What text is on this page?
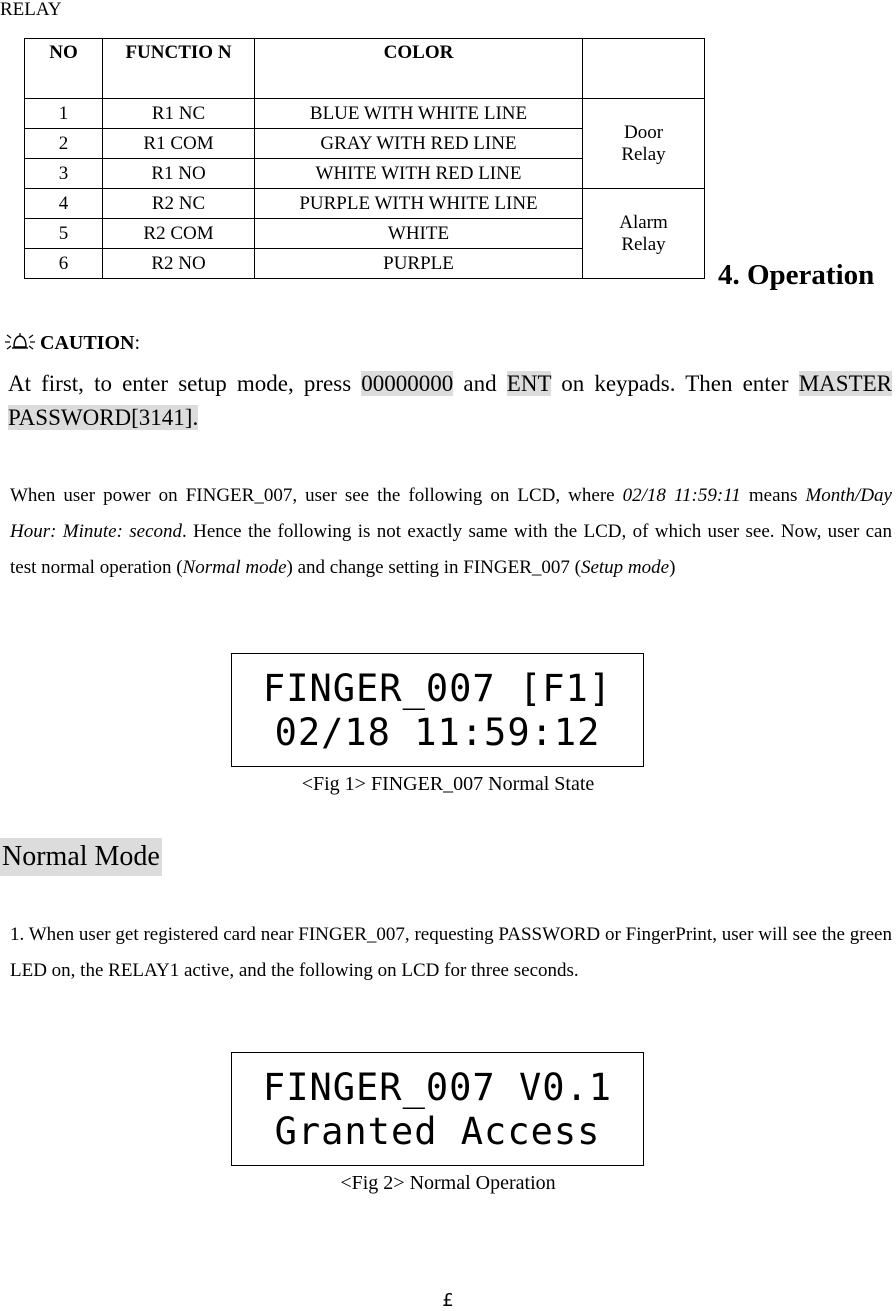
RELAY
NO	FUNCTIO N	COLOR	
1	R1 NC	BLUE WITH WHITE LINE	Door Relay
2	R1 COM	GRAY WITH RED LINE	
3	R1 NO	WHITE WITH RED LINE	
4	R2 NC	PURPLE WITH WHITE LINE	Alarm Relay
5	R2 COM	WHITE	
6	R2 NO	PURPLE		4. Operation
CAUTION:
At first, to enter setup mode, press 00000000 and ENT on keypads. Then enter MASTER PASSWORD[3141].
When user power on FINGER_007, user see the following on LCD, where 02/18 11:59:11 means Month/Day Hour: Minute: second. Hence the following is not exactly same with the LCD, of which user see. Now, user can test normal operation (Normal mode) and change setting in FINGER_007 (Setup mode)
FINGER_007 [F1]
02/18 11:59:12
<Fig 1> FINGER_007 Normal State
Normal Mode
1. When user get registered card near FINGER_007, requesting PASSWORD or FingerPrint, user will see the green LED on, the RELAY1 active, and the following on LCD for three seconds.
FINGER_007 V0.1
Granted Access
<Fig 2> Normal Operation
£
